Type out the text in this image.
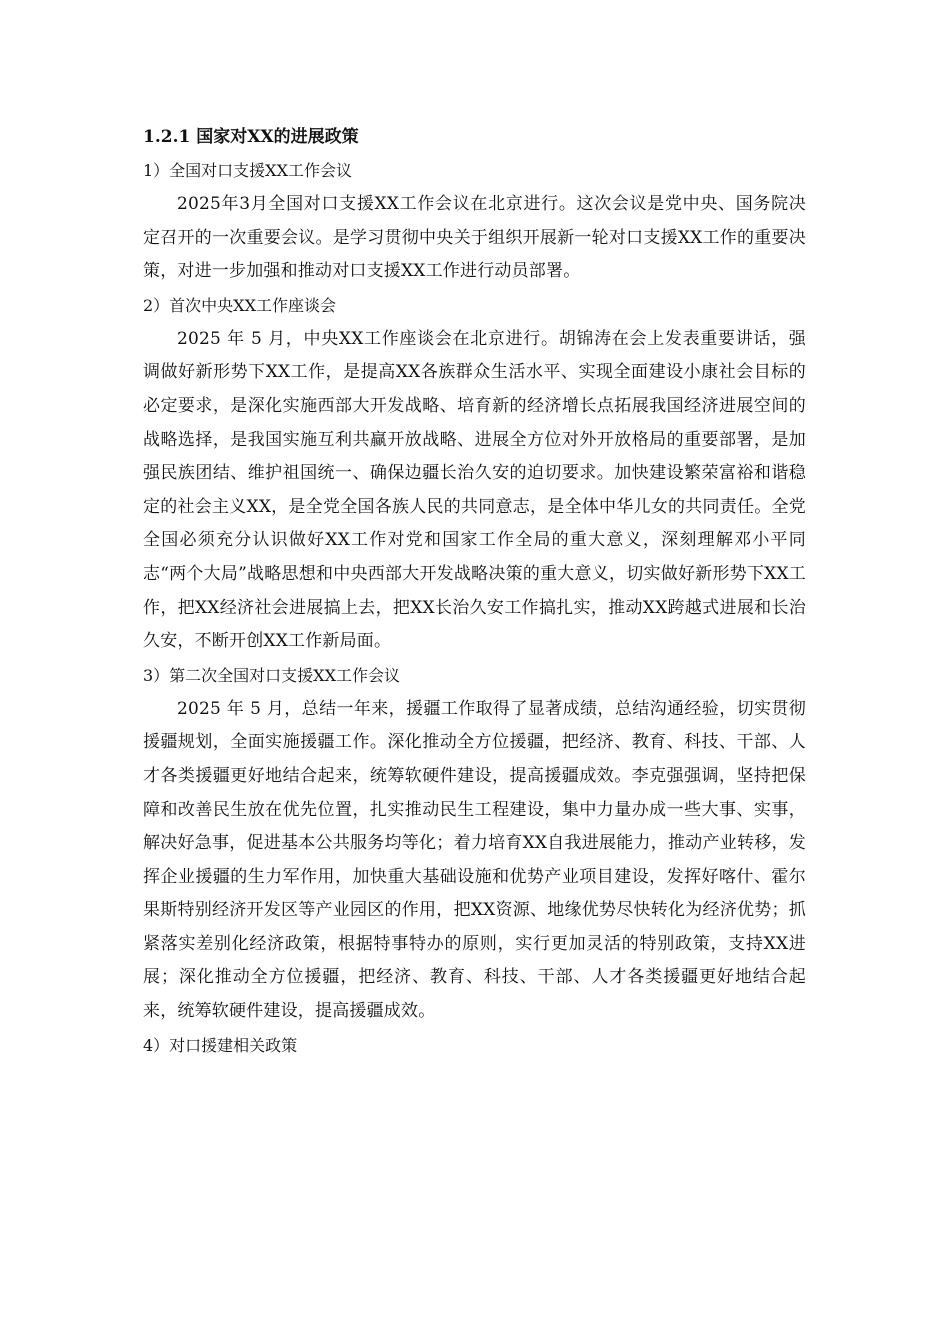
1.2.1 国家对XX的进展政策
1）全国对口支援XX工作会议

2025年3月全国对口支援XX工作会议在北京进行。这次会议是党中央、国务院决定召开的一次重要会议。是学习贯彻中央关于组织开展新一轮对口支援XX工作的重要决策，对进一步加强和推动对口支援XX工作进行动员部署。

2）首次中央XX工作座谈会

2025 年 5 月，中央XX工作座谈会在北京进行。胡锦涛在会上发表重要讲话，强调做好新形势下XX工作，是提高XX各族群众生活水平、实现全面建设小康社会目标的必定要求，是深化实施西部大开发战略、培育新的经济增长点拓展我国经济进展空间的战略选择，是我国实施互利共赢开放战略、进展全方位对外开放格局的重要部署，是加强民族团结、维护祖国统一、确保边疆长治久安的迫切要求。加快建设繁荣富裕和谐稳定的社会主义XX，是全党全国各族人民的共同意志，是全体中华儿女的共同责任。全党全国必须充分认识做好XX工作对党和国家工作全局的重大意义，深刻理解邓小平同志“两个大局”战略思想和中央西部大开发战略决策的重大意义，切实做好新形势下XX工作，把XX经济社会进展搞上去，把XX长治久安工作搞扎实，推动XX跨越式进展和长治久安，不断开创XX工作新局面。

3）第二次全国对口支援XX工作会议

2025 年 5 月，总结一年来，援疆工作取得了显著成绩，总结沟通经验，切实贯彻援疆规划，全面实施援疆工作。深化推动全方位援疆，把经济、教育、科技、干部、人才各类援疆更好地结合起来，统筹软硬件建设，提高援疆成效。李克强强调，坚持把保障和改善民生放在优先位置，扎实推动民生工程建设，集中力量办成一些大事、实事，解决好急事，促进基本公共服务均等化；着力培育XX自我进展能力，推动产业转移，发挥企业援疆的生力军作用，加快重大基础设施和优势产业项目建设，发挥好喀什、霍尔果斯特别经济开发区等产业园区的作用，把XX资源、地缘优势尽快转化为经济优势；抓紧落实差别化经济政策，根据特事特办的原则，实行更加灵活的特别政策，支持XX进展；深化推动全方位援疆，把经济、教育、科技、干部、人才各类援疆更好地结合起来，统筹软硬件建设，提高援疆成效。

4）对口援建相关政策
